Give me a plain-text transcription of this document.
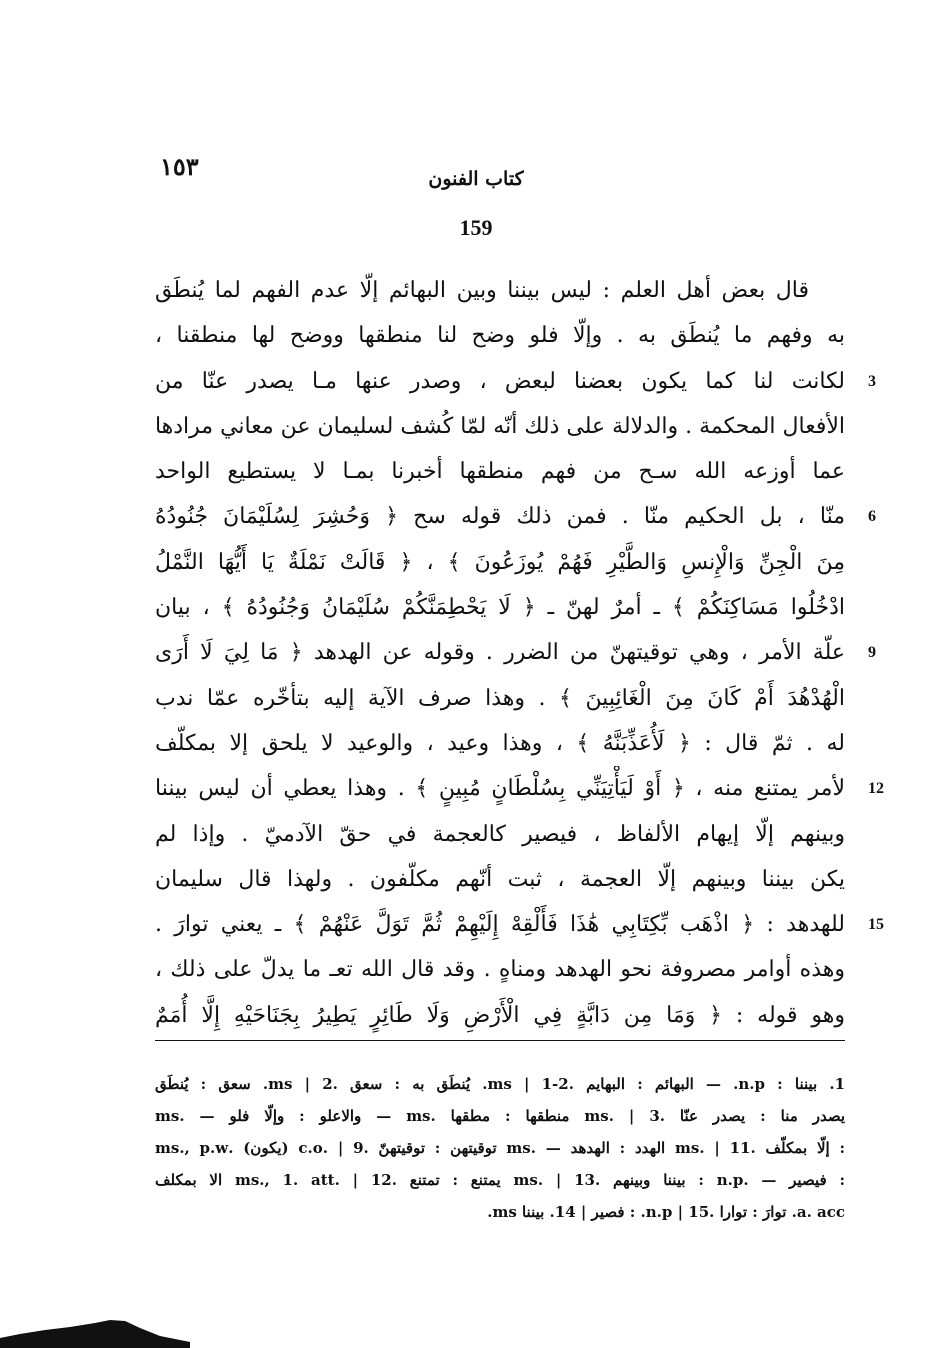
١٥٣	كتاب الفنون
159
قال بعض أهل العلم : ليس بيننا وبين البهائم إلّا عدم الفهم لما يُنطَق
به وفهم ما يُنطَق به . وإلّا فلو وضح لنا منطقها ووضح لها منطقنا ،
لكانت لنا كما يكون بعضنا لبعض ، وصدر عنها مـا يصدر عنّا من
الأفعال المحكمة . والدلالة على ذلك أنّه لمّا كُشف لسليمان عن معاني مرادها
عما أوزعه الله سـح من فهم منطقها أخبرنا بمـا لا يستطيع الواحد
منّا ، بل الحكيم منّا . فمن ذلك قوله سح ﴿ وَحُشِرَ لِسُلَيْمَانَ جُنُودُهُ
مِنَ الْجِنِّ وَالْإِنسِ وَالطَّيْرِ فَهُمْ يُوزَعُونَ ﴾ ، ﴿ قَالَتْ نَمْلَةٌ يَا أَيُّهَا النَّمْلُ
ادْخُلُوا مَسَاكِنَكُمْ ﴾ ـ أمرٌ لهنّ ـ ﴿ لَا يَحْطِمَنَّكُمْ سُلَيْمَانُ وَجُنُودُهُ ﴾ ، بيان
علّة الأمر ، وهي توقيتهنّ من الضرر . وقوله عن الهدهد ﴿ مَا لِيَ لَا أَرَى
الْهُدْهُدَ أَمْ كَانَ مِنَ الْغَائِبِينَ ﴾ . وهذا صرف الآية إليه بتأخّره عمّا ندب
له . ثمّ قال : ﴿ لَأُعَذِّبَنَّهُ ﴾ ، وهذا وعيد ، والوعيد لا يلحق إلا بمكلّف
لأمر يمتنع منه ، ﴿ أَوْ لَيَأْتِيَنِّي بِسُلْطَانٍ مُبِينٍ ﴾ . وهذا يعطي أن ليس بيننا
وبينهم إلّا إيهام الألفاظ ، فيصير كالعجمة في حقّ الآدميّ . وإذا لم
يكن بيننا وبينهم إلّا العجمة ، ثبت أنّهم مكلّفون . ولهذا قال سليمان
للهدهد : ﴿ اذْهَب بِّكِتَابِي هَٰذَا فَأَلْقِهْ إِلَيْهِمْ ثُمَّ تَوَلَّ عَنْهُمْ ﴾ ـ يعني توارَ .
وهذه أوامر مصروفة نحو الهدهد ومناهٍ . وقد قال الله تعـ ما يدلّ على ذلك ،
وهو قوله : ﴿ وَمَا مِن دَابَّةٍ فِي الْأَرْضِ وَلَا طَائِرٍ يَطِيرُ بِجَنَاحَيْهِ إِلَّا أُمَمٌ
3
6
9
12
15
1. بيننا : n.p. — البهائم : البهايم .ms | 1-2. يُنطَق به : سعق .ms | 2. سعق : يُنطَق
يصدر منا : يصدر عنّا .3 | .ms منطقها : مطقها .ms — والاعلو : وإلّا فلو — .ms
: إلّا بمكلّف .11 | .ms الهدد : الهدهد — .ms توقيتهن : توقيتهنّ .9 | .c.o (يكون) .ms., p.w
: فيصير — .n.p : بيننا وبينهم .13 | .ms يمتنع : تمتنع .12 | .ms., 1. att الا بمكلف
.ms فصير | 14. بيننا : .n.p | 15. توارَ : توارا .a. acc
